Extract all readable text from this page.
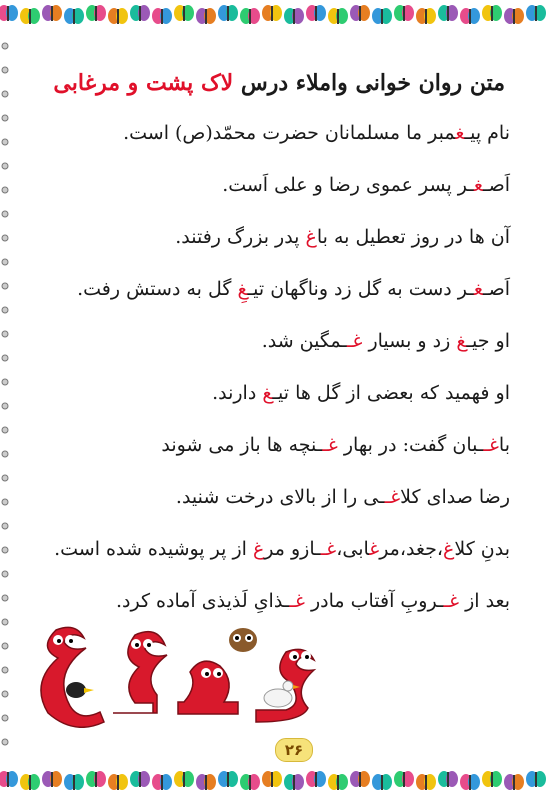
متن روان خوانی واملاء درس لاک پشت و مرغابی
نام پیـغمبر ما مسلمانان حضرت محمّد(ص) است.
اَصـغـر پسر عموی رضا و علی اَست.
آن ها در روز تعطیل به باغ پدر بزرگ رفتند.
اَصـغـر دست به گل زد وناگهان تیـغِ گل به دستش رفت.
او جیـغ زد و بسیار غــمگین شد.
او فهمید که بعضی از گل ها تیـغ دارند.
باغــبان گفت: در بهار غــنچه ها باز می شوند
رضا صدای کلاغــی را از بالای درخت شنید.
بدنِ کلاغ،جغد،مرغابی،غــازو مرغ از پر پوشیده شده است.
بعد از غــروبِ آفتاب مادر غــذایِ لَذیذی آماده کرد.
۲۶
